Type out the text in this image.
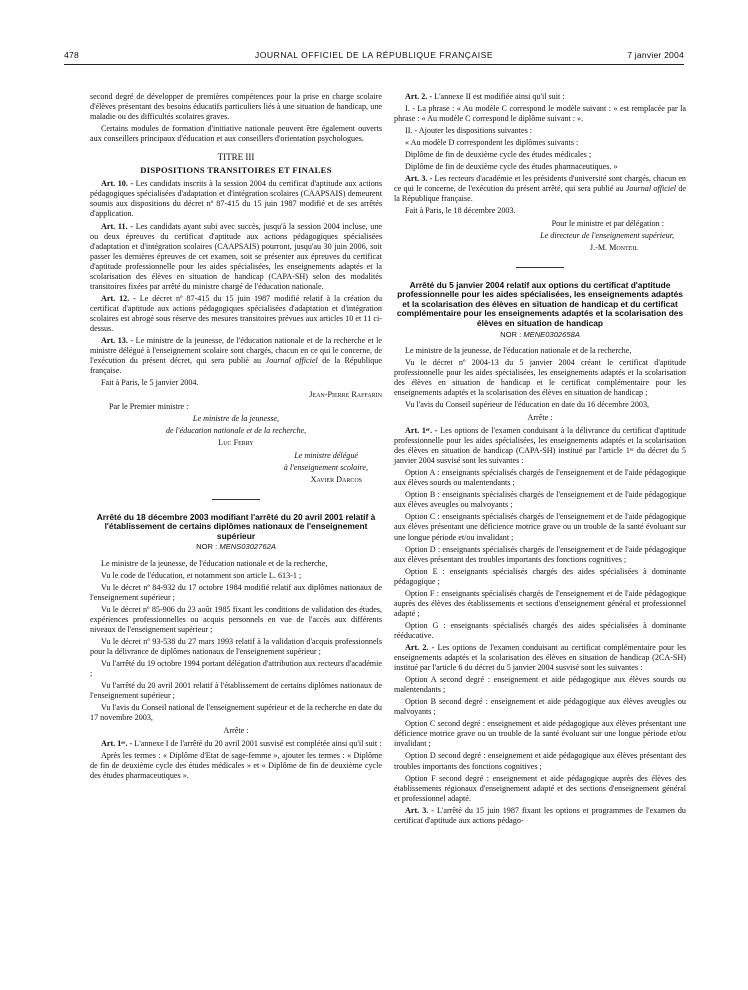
478	JOURNAL OFFICIEL DE LA RÉPUBLIQUE FRANÇAISE	7 janvier 2004

second degré de développer de premières compétences pour la prise en charge scolaire d'élèves présentant des besoins éducatifs particuliers liés à une situation de handicap, une maladie ou des difficultés scolaires graves.

Certains modules de formation d'initiative nationale peuvent être également ouverts aux conseillers principaux d'éducation et aux conseillers d'orientation psychologues.

TITRE III
DISPOSITIONS TRANSITOIRES ET FINALES

Art. 10. - Les candidats inscrits à la session 2004 du certificat d'aptitude aux actions pédagogiques spécialisées d'adaptation et d'intégration scolaires (CAAPSAIS) demeurent soumis aux dispositions du décret nº 87-415 du 15 juin 1987 modifié et de ses arrêtés d'application.

Art. 11. - Les candidats ayant subi avec succès, jusqu'à la session 2004 incluse, une ou deux épreuves du certificat d'aptitude aux actions pédagogiques spécialisées d'adaptation et d'intégration scolaires (CAAPSAIS) pourront, jusqu'au 30 juin 2006, soit passer les dernières épreuves de cet examen, soit se présenter aux épreuves du certificat d'aptitude professionnelle pour les aides spécialisées, les enseignements adaptés et la scolarisation des élèves en situation de handicap (CAPA-SH) selon des modalités transitoires fixées par arrêté du ministre chargé de l'éducation nationale.

Art. 12. - Le décret nº 87-415 du 15 juin 1987 modifié relatif à la création du certificat d'aptitude aux actions pédagogiques spécialisées d'adaptation et d'intégration scolaires est abrogé sous réserve des mesures transitoires prévues aux articles 10 et 11 ci-dessus.

Art. 13. - Le ministre de la jeunesse, de l'éducation nationale et de la recherche et le ministre délégué à l'enseignement scolaire sont chargés, chacun en ce qui le concerne, de l'exécution du présent décret, qui sera publié au Journal officiel de la République française.

Fait à Paris, le 5 janvier 2004.

Jean-Pierre Raffarin

Par le Premier ministre :

Le ministre de la jeunesse,

de l'éducation nationale et de la recherche,

Luc Ferry

Le ministre délégué

à l'enseignement scolaire,

Xavier Darcos

Arrêté du 18 décembre 2003 modifiant l'arrêté du 20 avril 2001 relatif à l'établissement de certains diplômes nationaux de l'enseignement supérieur

NOR : MENS0302762A

Le ministre de la jeunesse, de l'éducation nationale et de la recherche,

Vu le code de l'éducation, et notamment son article L. 613-1 ;

Vu le décret nº 84-932 du 17 octobre 1984 modifié relatif aux diplômes nationaux de l'enseignement supérieur ;

Vu le décret nº 85-906 du 23 août 1985 fixant les conditions de validation des études, expériences professionnelles ou acquis personnels en vue de l'accès aux différents niveaux de l'enseignement supérieur ;

Vu le décret nº 93-538 du 27 mars 1993 relatif à la validation d'acquis professionnels pour la délivrance de diplômes nationaux de l'enseignement supérieur ;

Vu l'arrêté du 19 octobre 1994 portant délégation d'attribution aux recteurs d'académie ;

Vu l'arrêté du 20 avril 2001 relatif à l'établissement de certains diplômes nationaux de l'enseignement supérieur ;

Vu l'avis du Conseil national de l'enseignement supérieur et de la recherche en date du 17 novembre 2003,

Arrête :

Art. 1ᵉʳ. - L'annexe I de l'arrêté du 20 avril 2001 susvisé est complétée ainsi qu'il suit :

Après les termes : « Diplôme d'Etat de sage-femme », ajouter les termes : « Diplôme de fin de deuxième cycle des études médicales » et « Diplôme de fin de deuxième cycle des études pharmaceutiques ».

Art. 2. - L'annexe II est modifiée ainsi qu'il suit :

I. - La phrase : « Au modèle C correspond le modèle suivant : » est remplacée par la phrase : « Au modèle C correspond le diplôme suivant : ».

II. - Ajouter les dispositions suivantes :

« Au modèle D correspondent les diplômes suivants :

Diplôme de fin de deuxième cycle des études médicales ;

Diplôme de fin de deuxième cycle des études pharmaceutiques. »

Art. 3. - Les recteurs d'académie et les présidents d'université sont chargés, chacun en ce qui le concerne, de l'exécution du présent arrêté, qui sera publié au Journal officiel de la République française.

Fait à Paris, le 18 décembre 2003.

Pour le ministre et par délégation :

Le directeur de l'enseignement supérieur,

J.-M. Monteil

Arrêté du 5 janvier 2004 relatif aux options du certificat d'aptitude professionnelle pour les aides spécialisées, les enseignements adaptés et la scolarisation des élèves en situation de handicap et du certificat complémentaire pour les enseignements adaptés et la scolarisation des élèves en situation de handicap

NOR : MENE0302658A

Le ministre de la jeunesse, de l'éducation nationale et de la recherche,

Vu le décret nº 2004-13 du 5 janvier 2004 créant le certificat d'aptitude professionnelle pour les aides spécialisées, les enseignements adaptés et la scolarisation des élèves en situation de handicap et le certificat complémentaire pour les enseignements adaptés et la scolarisation des élèves en situation de handicap ;

Vu l'avis du Conseil supérieur de l'éducation en date du 16 décembre 2003,

Arrête :

Art. 1ᵉʳ. - Les options de l'examen conduisant à la délivrance du certificat d'aptitude professionnelle pour les aides spécialisées, les enseignements adaptés et la scolarisation des élèves en situation de handicap (CAPA-SH) institué par l'article 1ᵉʳ du décret du 5 janvier 2004 susvisé sont les suivantes :

Option A : enseignants spécialisés chargés de l'enseignement et de l'aide pédagogique aux élèves sourds ou malentendants ;

Option B : enseignants spécialisés chargés de l'enseignement et de l'aide pédagogique aux élèves aveugles ou malvoyants ;

Option C : enseignants spécialisés chargés de l'enseignement et de l'aide pédagogique aux élèves présentant une déficience motrice grave ou un trouble de la santé évoluant sur une longue période et/ou invalidant ;

Option D : enseignants spécialisés chargés de l'enseignement et de l'aide pédagogique aux élèves présentant des troubles importants des fonctions cognitives ;

Option E : enseignants spécialisés chargés des aides spécialisées à dominante pédagogique ;

Option F : enseignants spécialisés chargés de l'enseignement et de l'aide pédagogique auprès des élèves des établissements et sections d'enseignement général et professionnel adapté ;

Option G : enseignants spécialisés chargés des aides spécialisées à dominante rééducative.

Art. 2. - Les options de l'examen conduisant au certificat complémentaire pour les enseignements adaptés et la scolarisation des élèves en situation de handicap (2CA-SH) institué par l'article 6 du décret du 5 janvier 2004 susvisé sont les suivantes :

Option A second degré : enseignement et aide pédagogique aux élèves sourds ou malentendants ;

Option B second degré : enseignement et aide pédagogique aux élèves aveugles ou malvoyants ;

Option C second degré : enseignement et aide pédagogique aux élèves présentant une déficience motrice grave ou un trouble de la santé évoluant sur une longue période et/ou invalidant ;

Option D second degré : enseignement et aide pédagogique aux élèves présentant des troubles importants des fonctions cognitives ;

Option F second degré : enseignement et aide pédagogique auprès des élèves des établissements régionaux d'enseignement adapté et des sections d'enseignement général et professionnel adapté.

Art. 3. - L'arrêté du 15 juin 1987 fixant les options et programmes de l'examen du certificat d'aptitude aux actions pédago-
